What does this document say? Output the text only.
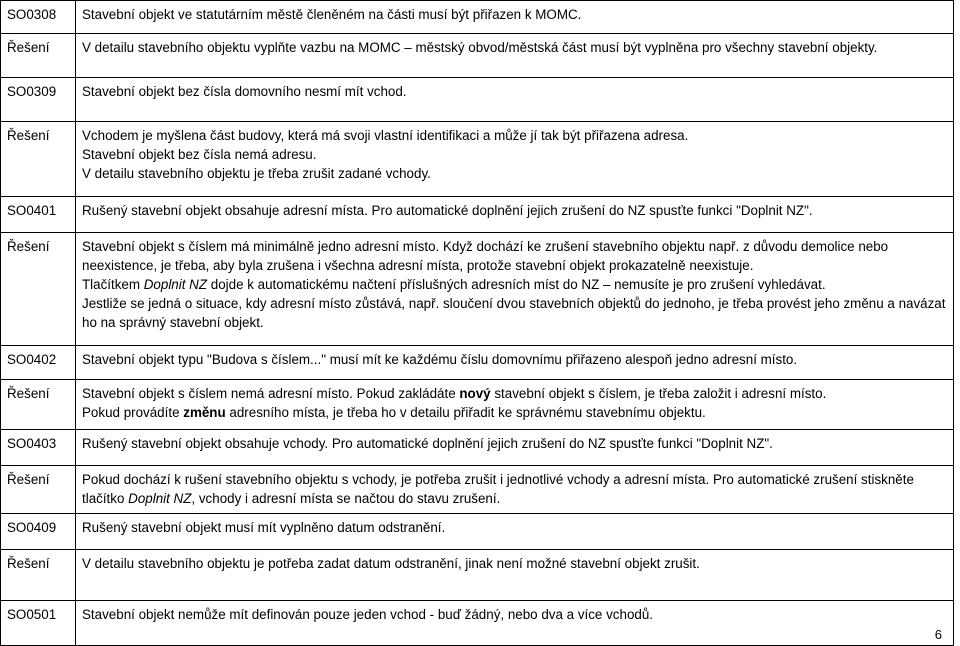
SO0308	Stavební objekt ve statutárním městě členěném na části musí být přiřazen k MOMC.

Řešení	V detailu stavebního objektu vyplňte vazbu na MOMC – městský obvod/městská část musí být vyplněna pro všechny stavební objekty.

SO0309	Stavební objekt bez čísla domovního nesmí mít vchod.

Řešení	Vchodem je myšlena část budovy, která má svoji vlastní identifikaci a může jí tak být přiřazena adresa.
Stavební objekt bez čísla nemá adresu.
V detailu stavebního objektu je třeba zrušit zadané vchody.

SO0401	Rušený stavební objekt obsahuje adresní místa. Pro automatické doplnění jejich zrušení do NZ spusťte funkci "Doplnit NZ".

Řešení	Stavební objekt s číslem má minimálně jedno adresní místo. Když dochází ke zrušení stavebního objektu např. z důvodu demolice nebo neexistence, je třeba, aby byla zrušena i všechna adresní místa, protože stavební objekt prokazatelně neexistuje.
Tlačítkem Doplnit NZ dojde k automatickému načtení příslušných adresních míst do NZ – nemusíte je pro zrušení vyhledávat.
Jestliže se jedná o situace, kdy adresní místo zůstává, např. sloučení dvou stavebních objektů do jednoho, je třeba provést jeho změnu a navázat ho na správný stavební objekt.

SO0402	Stavební objekt typu "Budova s číslem..." musí mít ke každému číslu domovnímu přiřazeno alespoň jedno adresní místo.

Řešení	Stavební objekt s číslem nemá adresní místo. Pokud zakládáte nový stavební objekt s číslem, je třeba založit i adresní místo.
Pokud provádíte změnu adresního místa, je třeba ho v detailu přiřadit ke správnému stavebnímu objektu.

SO0403	Rušený stavební objekt obsahuje vchody. Pro automatické doplnění jejich zrušení do NZ spusťte funkci "Doplnit NZ".

Řešení	Pokud dochází k rušení stavebního objektu s vchody, je potřeba zrušit i jednotlivé vchody a adresní místa. Pro automatické zrušení stiskněte tlačítko Doplnit NZ, vchody i adresní místa se načtou do stavu zrušení.

SO0409	Rušený stavební objekt musí mít vyplněno datum odstranění.

Řešení	V detailu stavebního objektu je potřeba zadat datum odstranění, jinak není možné stavební objekt zrušit.

SO0501	Stavební objekt nemůže mít definován pouze jeden vchod - buď žádný, nebo dva a více vchodů.
6
